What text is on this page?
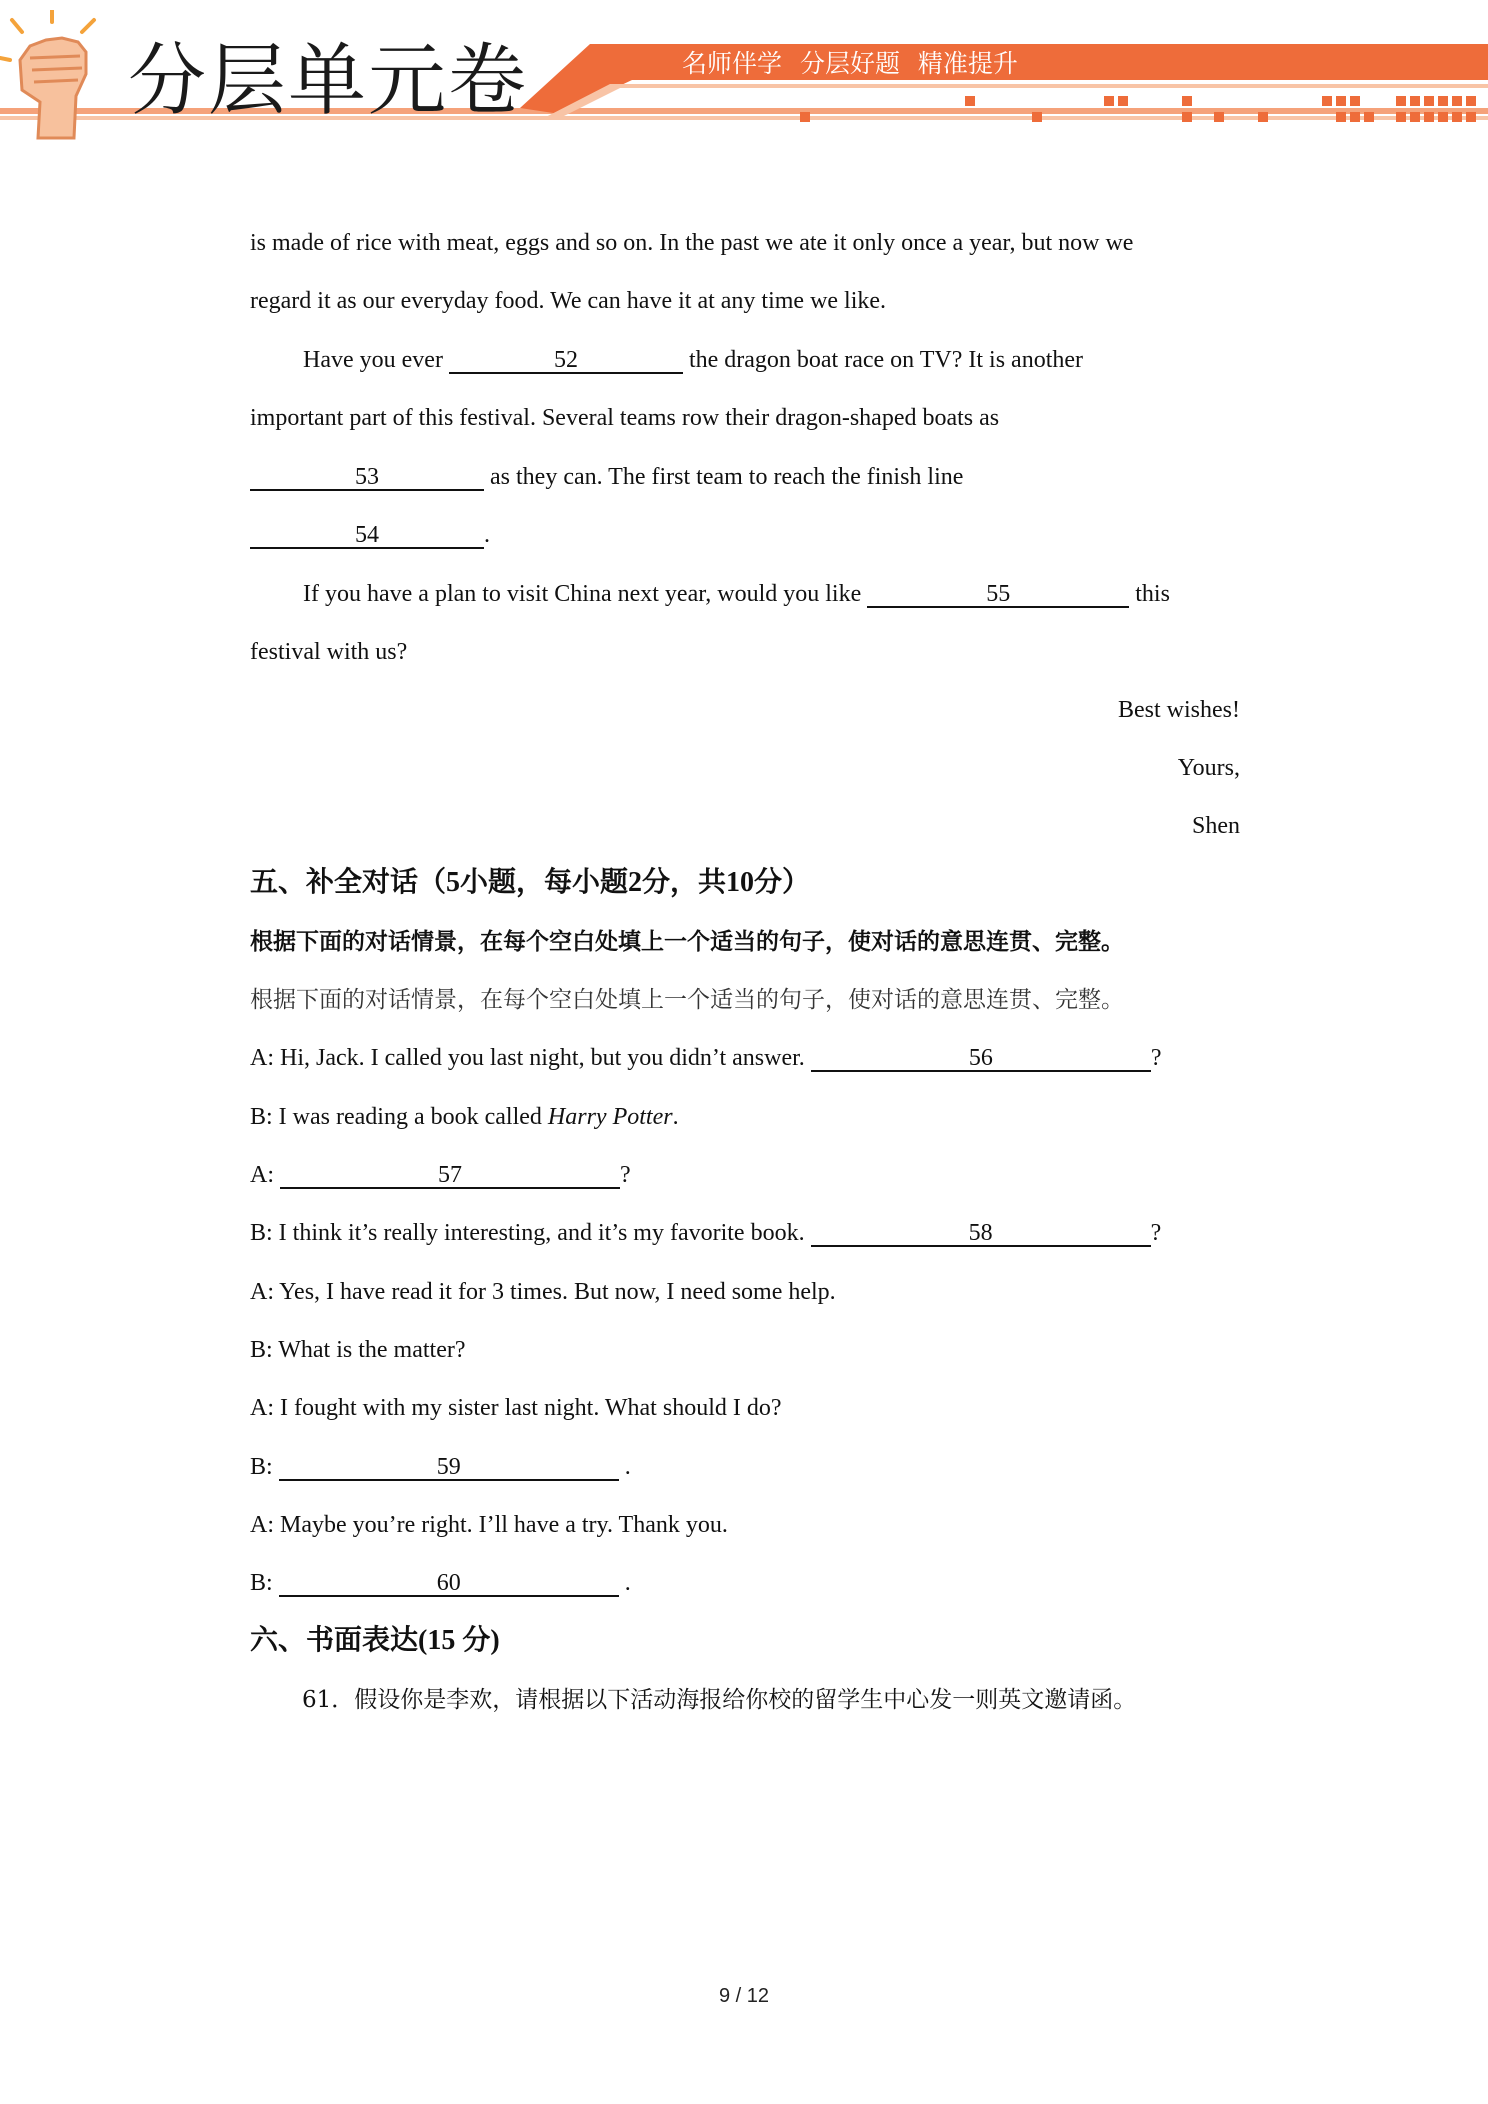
分层单元卷	名师伴学 分层好题 精准提升
is made of rice with meat, eggs and so on. In the past we ate it only once a year, but now we
regard it as our everyday food. We can have it at any time we like.
Have you ever	52	the dragon boat race on TV? It is another
important part of this festival. Several teams row their dragon-shaped boats as
53	as they can. The first team to reach the finish line
54	.
If you have a plan to visit China next year, would you like	55	this
festival with us?
Best wishes!
Yours,
Shen
五、补全对话（5小题，每小题2分，共10分）
根据下面的对话情景，在每个空白处填上一个适当的句子，使对话的意思连贯、完整。
根据下面的对话情景，在每个空白处填上一个适当的句子，使对话的意思连贯、完整。
A: Hi, Jack. I called you last night, but you didn’t answer.	56	?
B: I was reading a book called Harry Potter.
A:	57	?
B: I think it’s really interesting, and it’s my favorite book.	58	?
A: Yes, I have read it for 3 times. But now, I need some help.
B: What is the matter?
A: I fought with my sister last night. What should I do?
B:	59	.
A: Maybe you’re right. I’ll have a try. Thank you.
B:	60	.
六、书面表达(15 分)
61．假设你是李欢，请根据以下活动海报给你校的留学生中心发一则英文邀请函。
9 / 12
